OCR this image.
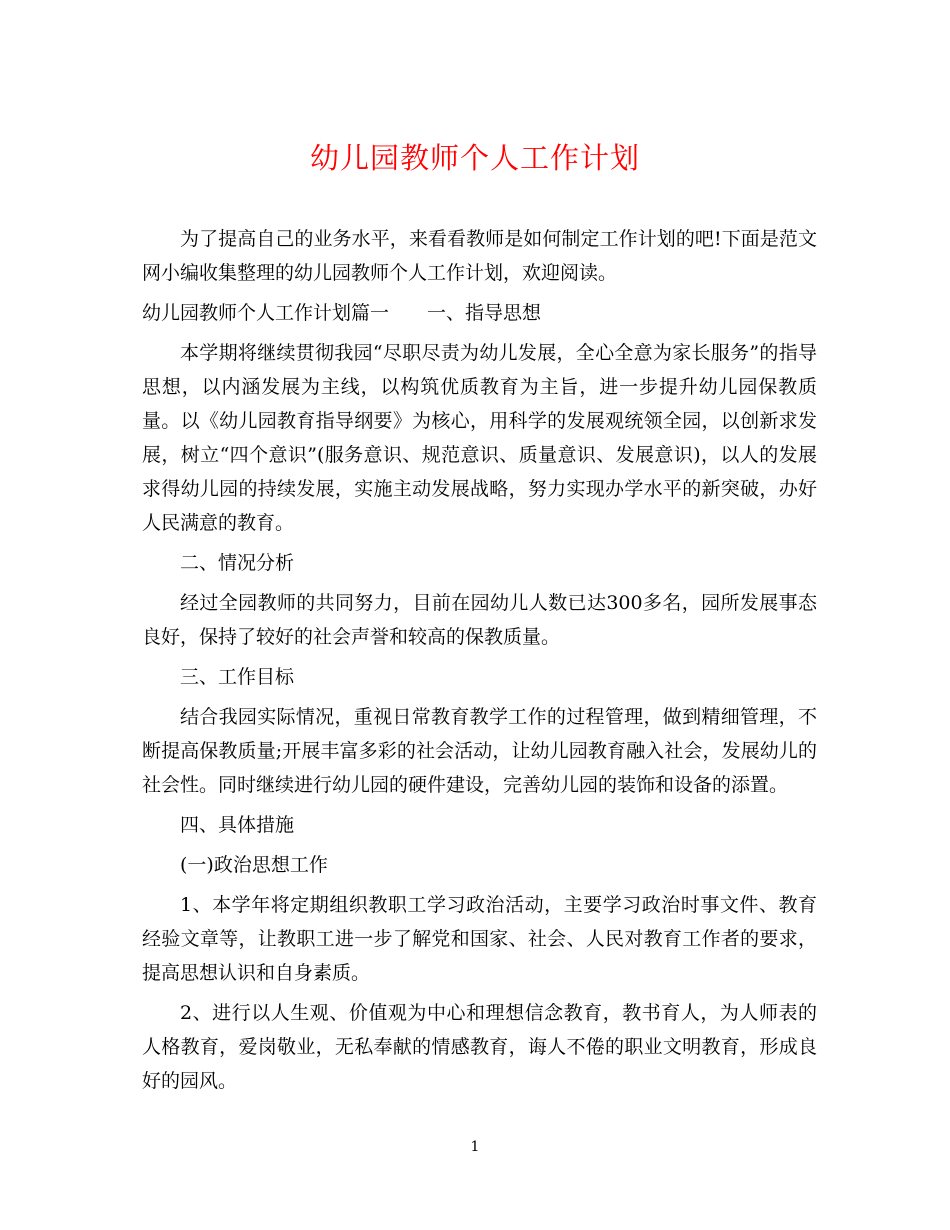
幼儿园教师个人工作计划

为了提高自己的业务水平，来看看教师是如何制定工作计划的吧!下面是范文网小编收集整理的幼儿园教师个人工作计划，欢迎阅读。

幼儿园教师个人工作计划篇一 一、指导思想

本学期将继续贯彻我园“尽职尽责为幼儿发展，全心全意为家长服务”的指导思想，以内涵发展为主线，以构筑优质教育为主旨，进一步提升幼儿园保教质量。以《幼儿园教育指导纲要》为核心，用科学的发展观统领全园，以创新求发展，树立“四个意识”(服务意识、规范意识、质量意识、发展意识)，以人的发展求得幼儿园的持续发展，实施主动发展战略，努力实现办学水平的新突破，办好人民满意的教育。

二、情况分析

经过全园教师的共同努力，目前在园幼儿人数已达300多名，园所发展事态良好，保持了较好的社会声誉和较高的保教质量。

三、工作目标

结合我园实际情况，重视日常教育教学工作的过程管理，做到精细管理，不断提高保教质量;开展丰富多彩的社会活动，让幼儿园教育融入社会，发展幼儿的社会性。同时继续进行幼儿园的硬件建设，完善幼儿园的装饰和设备的添置。

四、具体措施

(一)政治思想工作

1、本学年将定期组织教职工学习政治活动，主要学习政治时事文件、教育经验文章等，让教职工进一步了解党和国家、社会、人民对教育工作者的要求，提高思想认识和自身素质。

2、进行以人生观、价值观为中心和理想信念教育，教书育人，为人师表的人格教育，爱岗敬业，无私奉献的情感教育，诲人不倦的职业文明教育，形成良好的园风。

1
